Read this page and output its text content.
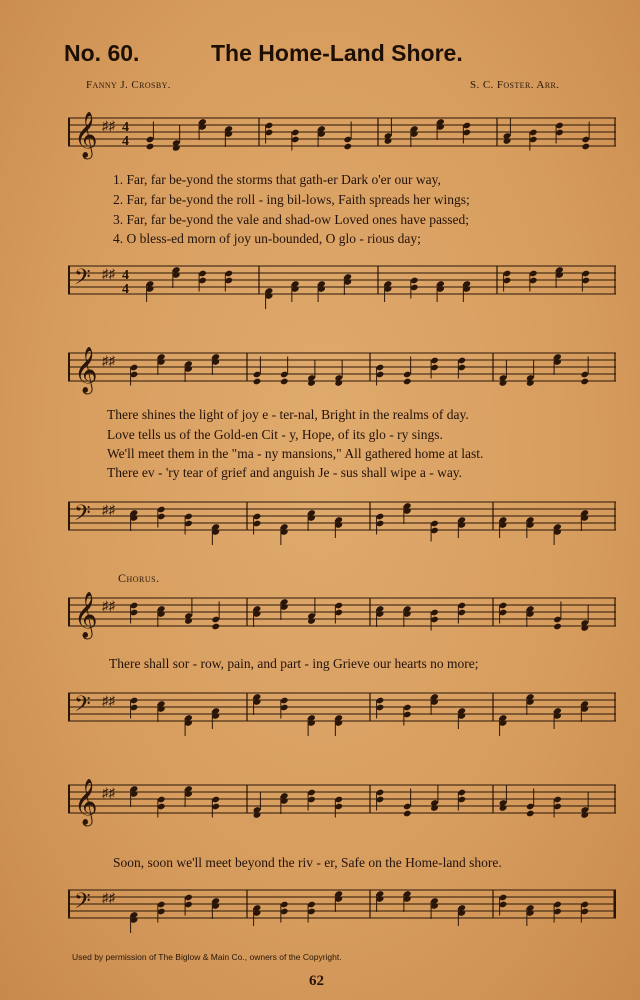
No. 60.	The Home-Land Shore.
Fanny J. Crosby.	S. C. Foster. Arr.
𝄞 ♯♯ 4
4
1. Far, far be-yond the storms that gath-er Dark o'er our way,
2. Far, far be-yond the roll - ing bil-lows, Faith spreads her wings;
3. Far, far be-yond the vale and shad-ow Loved ones have passed;
4. O bless-ed morn of joy un-bounded, O glo - rious day;
𝄢 ♯♯ 4
4
𝄞 ♯♯
There shines the light of joy e - ter-nal, Bright in the realms of day.
Love tells us of the Gold-en Cit - y, Hope, of its glo - ry sings.
We'll meet them in the "ma - ny mansions," All gathered home at last.
There ev - 'ry tear of grief and anguish Je - sus shall wipe a - way.
𝄢 ♯♯
Chorus.
𝄞 ♯♯
There shall sor - row, pain, and part - ing Grieve our hearts no more;
𝄢 ♯♯
𝄞 ♯♯
Soon, soon we'll meet beyond the riv - er, Safe on the Home-land shore.
𝄢 ♯♯
Used by permission of The Biglow & Main Co., owners of the Copyright.
62
